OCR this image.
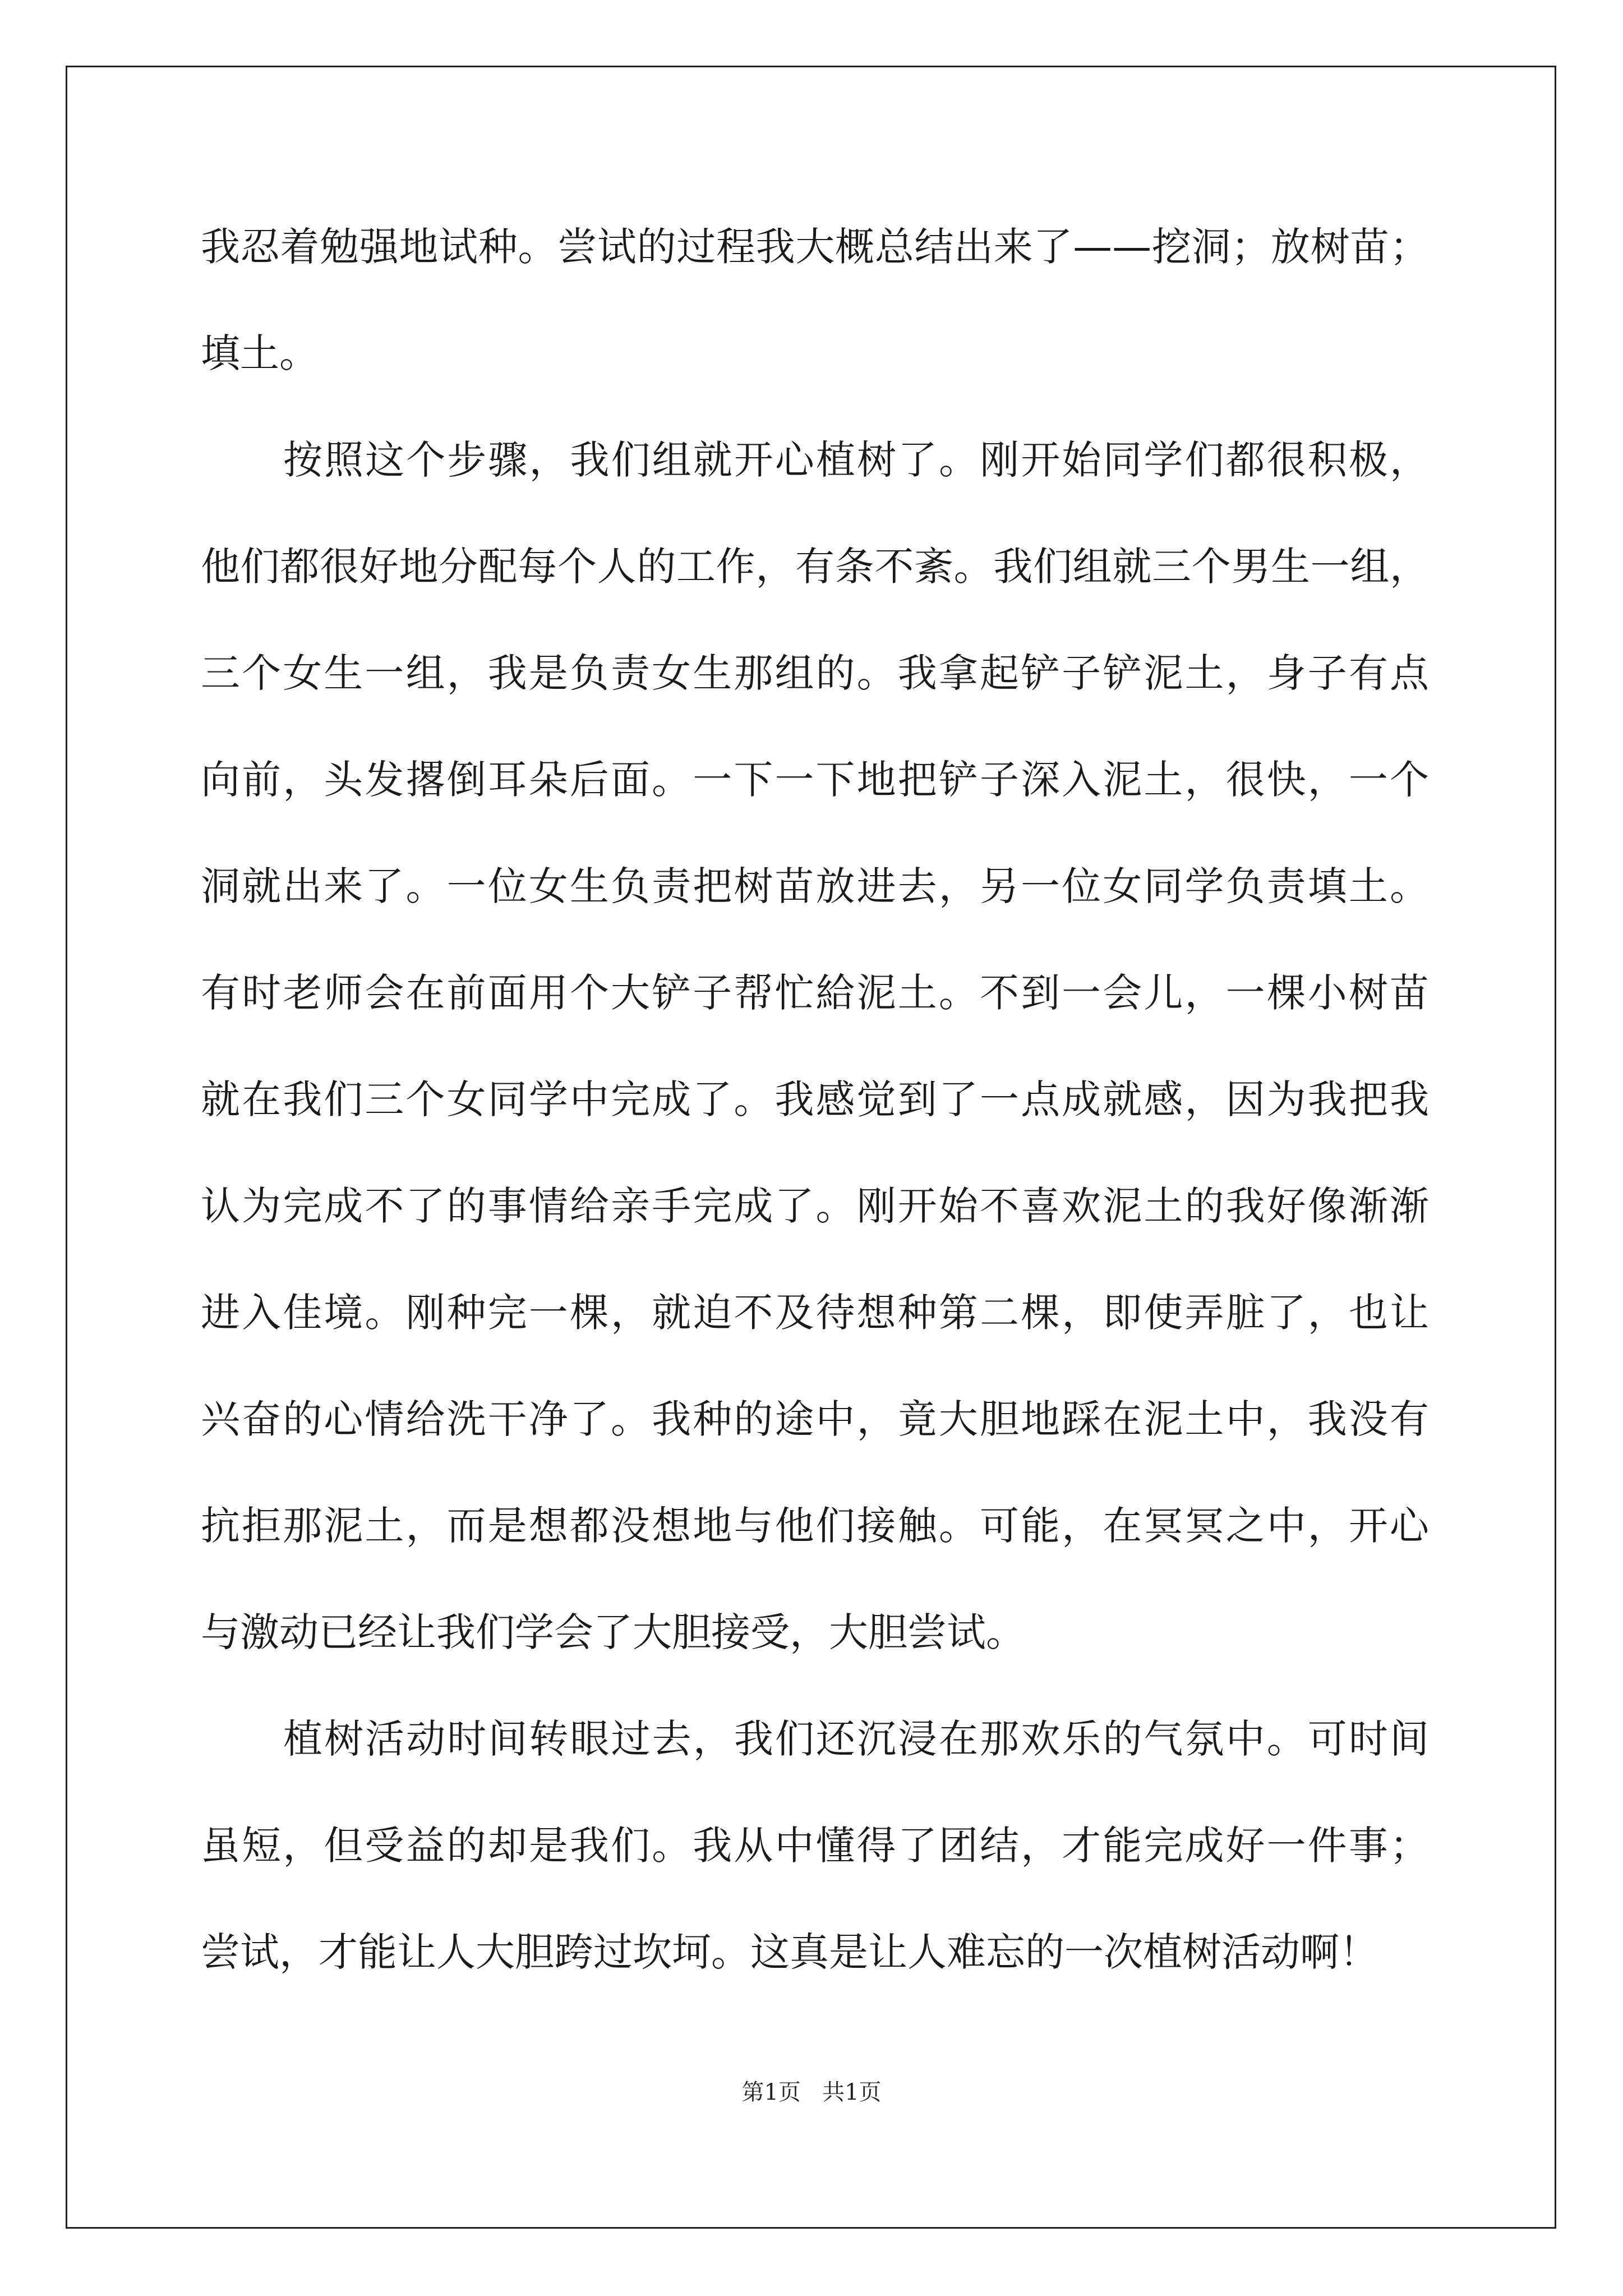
我忍着勉强地试种。尝试的过程我大概总结出来了——挖洞；放树苗；
填土。
按照这个步骤，我们组就开心植树了。刚开始同学们都很积极，
他们都很好地分配每个人的工作，有条不紊。我们组就三个男生一组，
三个女生一组，我是负责女生那组的。我拿起铲子铲泥土，身子有点
向前，头发撂倒耳朵后面。一下一下地把铲子深入泥土，很快，一个
洞就出来了。一位女生负责把树苗放进去，另一位女同学负责填土。
有时老师会在前面用个大铲子帮忙給泥土。不到一会儿，一棵小树苗
就在我们三个女同学中完成了。我感觉到了一点成就感，因为我把我
认为完成不了的事情给亲手完成了。刚开始不喜欢泥土的我好像渐渐
进入佳境。刚种完一棵，就迫不及待想种第二棵，即使弄脏了，也让
兴奋的心情给洗干净了。我种的途中，竟大胆地踩在泥土中，我没有
抗拒那泥土，而是想都没想地与他们接触。可能，在冥冥之中，开心
与激动已经让我们学会了大胆接受，大胆尝试。
植树活动时间转眼过去，我们还沉浸在那欢乐的气氛中。可时间
虽短，但受益的却是我们。我从中懂得了团结，才能完成好一件事；
尝试，才能让人大胆跨过坎坷。这真是让人难忘的一次植树活动啊！
第1页 共1页
